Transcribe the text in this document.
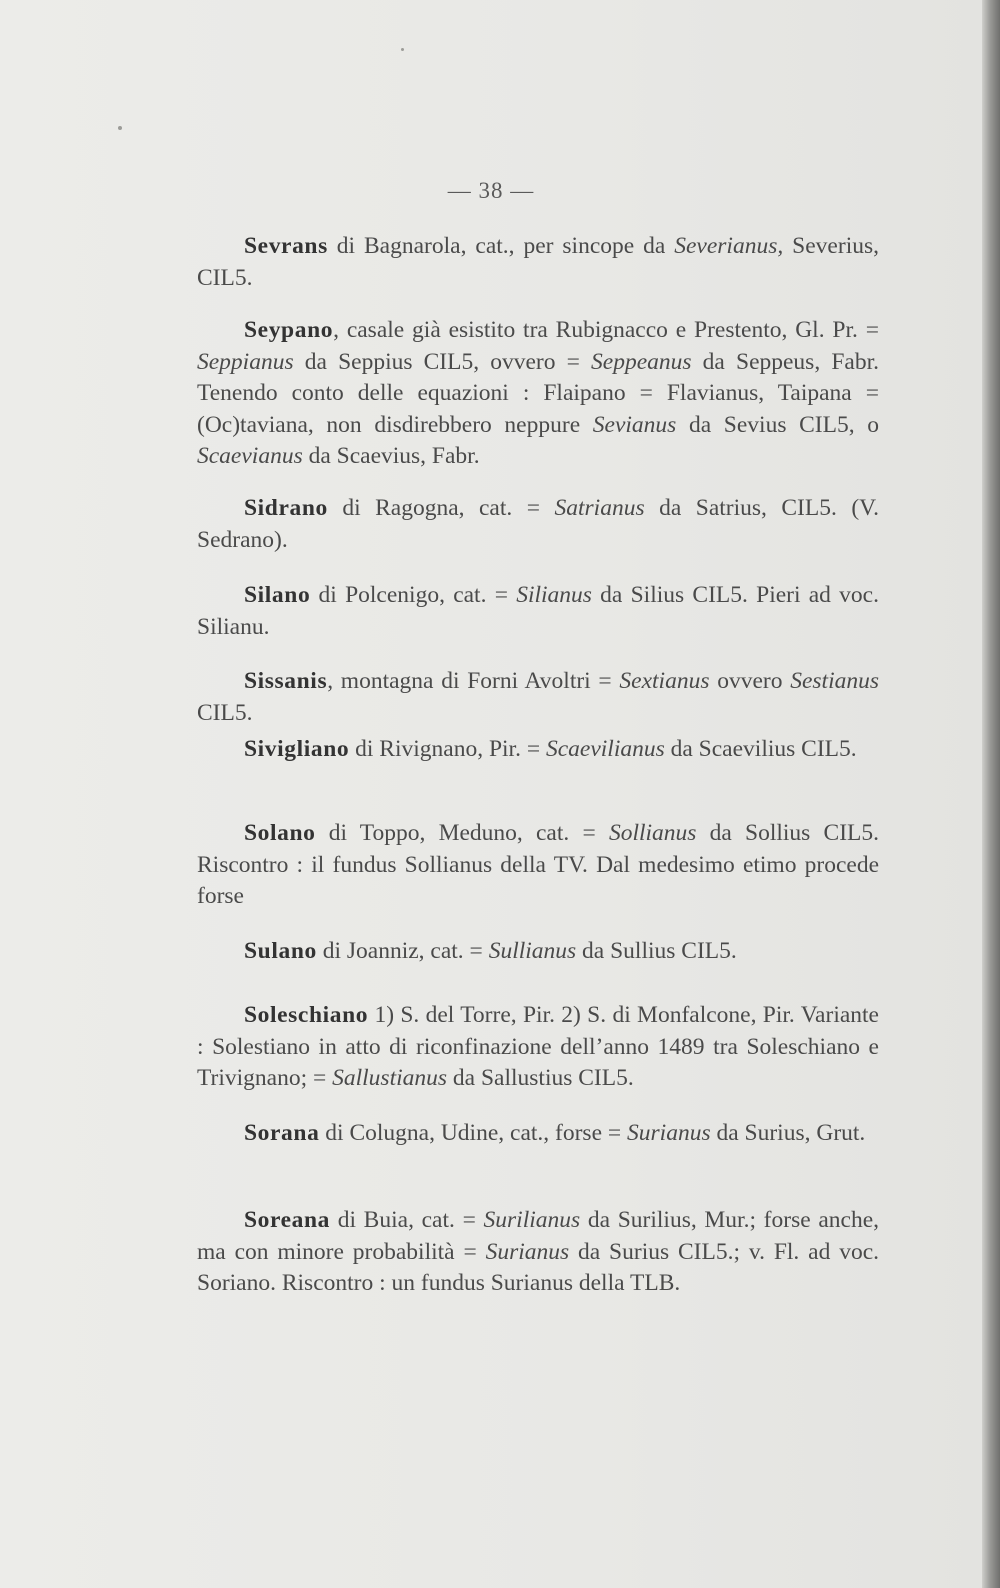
— 38 —

Sevrans di Bagnarola, cat., per sincope da Severianus, Severius, CIL5.

Seypano, casale già esistito tra Rubignacco e Prestento, Gl. Pr. = Seppianus da Seppius CIL5, ovvero = Seppeanus da Seppeus, Fabr. Tenendo conto delle equazioni : Flaipano = Flavianus, Taipana = (Oc)taviana, non disdirebbero neppure Sevianus da Sevius CIL5, o Scaevianus da Scaevius, Fabr.

Sidrano di Ragogna, cat. = Satrianus da Satrius, CIL5. (V. Sedrano).

Silano di Polcenigo, cat. = Silianus da Silius CIL5. Pieri ad voc. Silianu.

Sissanis, montagna di Forni Avoltri = Sextianus ovvero Sestianus CIL5.

Sivigliano di Rivignano, Pir. = Scaevilianus da Scaevilius CIL5.

Solano di Toppo, Meduno, cat. = Sollianus da Sollius CIL5. Riscontro : il fundus Sollianus della TV. Dal medesimo etimo procede forse

Sulano di Joanniz, cat. = Sullianus da Sullius CIL5.

Soleschiano 1) S. del Torre, Pir. 2) S. di Monfalcone, Pir. Variante : Solestiano in atto di riconfinazione dell’anno 1489 tra Soleschiano e Trivignano; = Sallustianus da Sallustius CIL5.

Sorana di Colugna, Udine, cat., forse = Surianus da Surius, Grut.

Soreana di Buia, cat. = Surilianus da Surilius, Mur.; forse anche, ma con minore probabilità = Surianus da Surius CIL5.; v. Fl. ad voc. Soriano. Riscontro : un fundus Surianus della TLB.
